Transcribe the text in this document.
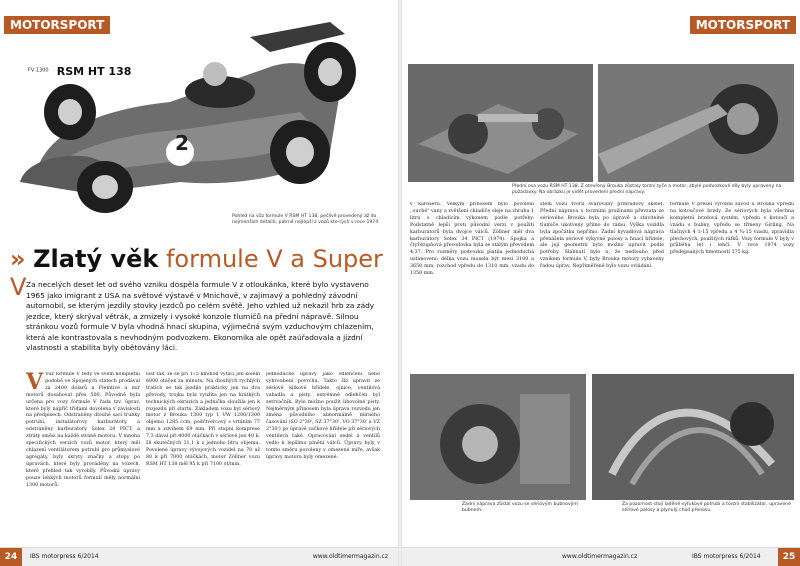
MOTORSPORT
FV 1300 RSM HT 138
2
Pohled na vůz formule V RSM HT 138, pečlivě provedený až do nejmenších detailů, patrně nejlepší z vozů kte-rých v roce 1974
» Zlatý věk formule V a Super V Za necelých deset let od svého vzniku dospěla formule V z otloukánka, které bylo vystaveno 1965 jako imigrant z USA na světové výstavě v Mnichově, v zajímavý a pohledný závodní automobil, se kterým jezdily stovky jezdců po celém světě. Jeho vzhled už nekazil hrb za zády jezdce, který skrýval větrák, a zmizely i vysoké konzole tlumičů na přední nápravě. Silnou stránkou vozů formule V byla vhodná hnací skupina, výjimečná svým vzduchovým chlazením, která ale kontrastovala s nevhodným podvozkem. Ekonomika ale opět zaúřadovala a jízdní vlastnosti a stabilita byly obětovány láci.
V Vůz formule V tedy ve svém kompletní podobě ve Spojených státech prodával za 2400 dolarů a Flemtivé a mír motorů dosahoval přes 500. Původně byla určena pro vozy formule V řada tzv. úprav, které byly napříč třídami dovolena v závislosti na předpisech. Odstraněny dlouhé sací trubky potrubí, instalátorovy karburátory a odstraněny karburátory Solex 28 PICT, a ztráty směsi na každé straně motoru. V mnoha specifických verzích vozů motor, který měl chlazení ventilátorem potrubí pro průmyslové agregáty, byly skryty značky a stopy po úpravách, které byly prováděny na vozech, které přehled tak vyrobily. Původní úpravy pouze lehkých motorů formulí měly normální 1300 motorů.

lost tak, že se při 175 km/hod vytáčí jen kolem 6000 otáček za minutu. Na dlouhých rychlých tratích se tak jezdilo prakticky jen na dva převody, trojku byla využita jen na krátkých technických okruzích a jednička sloužila jen k rozjezdu při startu. Základem vozu byl sériový motor z Brouka 1300 typ 1 VW 1200/1300 objemu 1285 ccm, podčtvercový s vrtáním 77 mm a zdvihem 69 mm. Při stupni komprese 7,3 dával při 4000 otáčkách v sériové jen 40 k, šli skutečných 31,1 k z jednoho litru objemu. Povolené úpravy vývojových vozidel na 70 až 80 k při 7000 otáčkách, motor Zöllner vozu RSM HT 138 měl 95 k při 7100 ot/min.

jednoduché úpravy jako odlehčení nebo vyhroubení povrchu. Takto šlo upravit ze sériové klikové hřídele, ojnice, ventilová vahadla a písty, extrémně odlehčen byl setrvačník. Bylo možno použít libovolné písty. Nejměrným přínosem byla úprava rozvodu jen změna původního abnormálně mírného časování (SO 2°30', SZ 37°30', VO 37°30' a VZ 2°30') po úpravě vačkové hřídele při sériových ventilech také. Opracování sedel a ventilů vedlo k lepšímu plnění válců. Úpravy byly v tomto směru povoleny v omezené míře, avšak úpravy motoru byly omezené.

24	IBS motorpress 6/2014	www.oldtimermagazin.cz
MOTORSPORT
Přední osa vozu RSM HT 138. Z otevřený Brouka zůstaly torzní tyče a motor, zbylé podvozkové díly byly upraveny na požadavky. Na obrázku je vidět provedení přední nápravy.

v karoserii. Velkým přínosem bylo povolení ,,suché" vany a zvětšení chladiče oleje na zhruba 1 litru s chladícím výkonem podle potřeby. Podstatně lepší proti původní verzi v použití karburátorů byla dvojce válců. Zöllner měl dva karburátory Solex 34 PICT (1974). Spojka a čtyřstupňová převodovka byla se stálým převodem 4,37. Pro rozměry podvozku platila jednoduchá ustanovení: délka vozu musela být mezi 3100 a 3650 mm, rozchod vpředu do 1310 mm, vzadu do 1350 mm.

štěm vozu tvořil svařovaný příhradový skelet. Přední náprava s torzními pružinami převzata ze sériového Brouka byla po úpravě a stavitelné tlumiče ukotveny přímo do rámu. Výška vozidla byla zpočátku nepřímo. Zadní kyvadlová náprava přenášela sériové výkyvné polosy a hnací hřídele, ale její geometrii bylo možno upravit podle potřeby. Slábnutí bylo u, že nedlouho před vznikem formule V, byly Brouka motory vybaveny řadou úprav. Nepřiměřeně bylo vozu ovládání.

formule V přešel výrobní závod u Brouka vpředu na kotoučové brzdy. Ze sériových byla všechna kompletní brzdová systém, vpředu s kotouči a vzadu s bubny, vpředu se třmeny Girling. Na tlačných 4 1-15 vpředu a 4 ¾-15 vzadu, zpravidla plechových, použitých ráfků. Vozy formule V byly v průběhu let i lehčí. V roce 1974 vozy předepsaných hmotností 375 kg.

Zadní náprava zůstal vozu se sériovým bubnovým bubnem.
Za pozornost stojí laděné výfukové potrubí a torzní stabilizátor, upravené sériové polosy a plynulý chod přenosu.
www.oldtimermagazin.cz	IBS motorpress 6/2014	25
